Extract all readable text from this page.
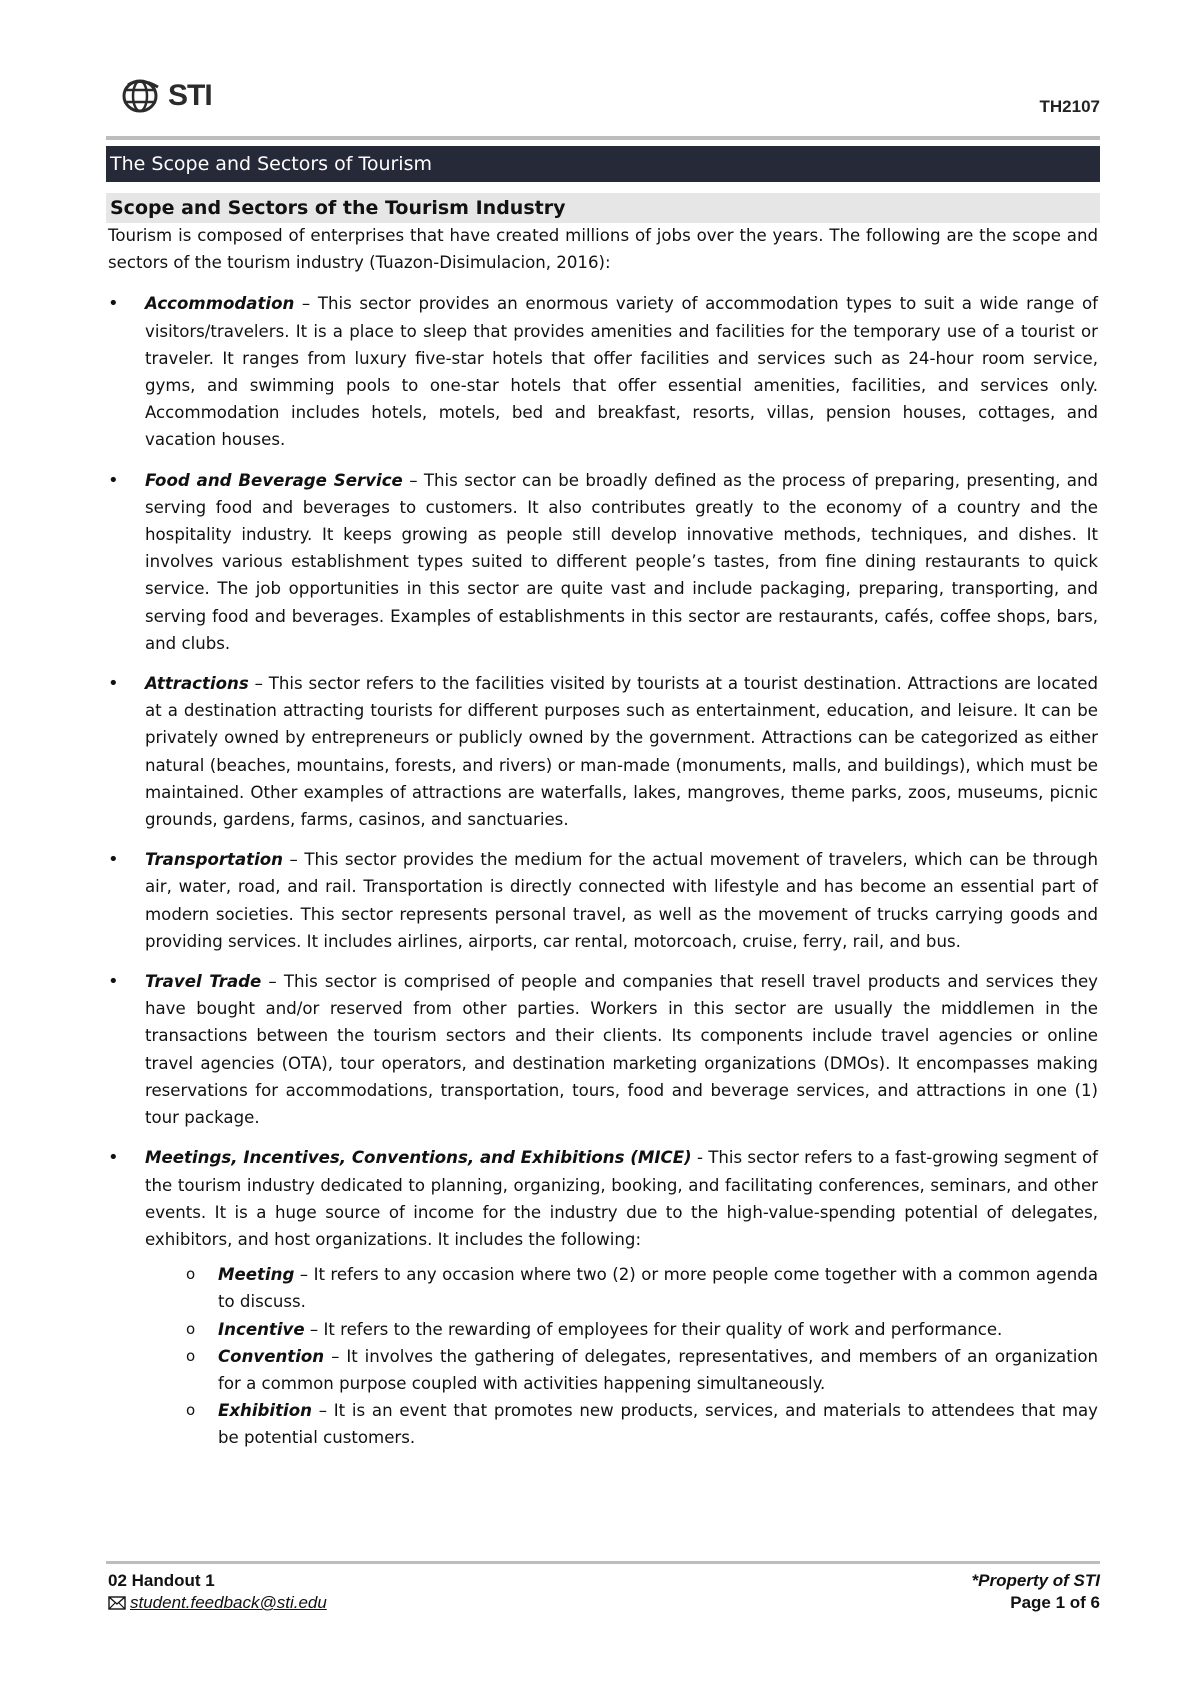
STI	TH2107
The Scope and Sectors of Tourism
Scope and Sectors of the Tourism Industry

Tourism is composed of enterprises that have created millions of jobs over the years. The following are the scope and sectors of the tourism industry (Tuazon-Disimulacion, 2016):

• Accommodation – This sector provides an enormous variety of accommodation types to suit a wide range of visitors/travelers. It is a place to sleep that provides amenities and facilities for the temporary use of a tourist or traveler. It ranges from luxury five-star hotels that offer facilities and services such as 24-hour room service, gyms, and swimming pools to one-star hotels that offer essential amenities, facilities, and services only. Accommodation includes hotels, motels, bed and breakfast, resorts, villas, pension houses, cottages, and vacation houses.
• Food and Beverage Service – This sector can be broadly defined as the process of preparing, presenting, and serving food and beverages to customers. It also contributes greatly to the economy of a country and the hospitality industry. It keeps growing as people still develop innovative methods, techniques, and dishes. It involves various establishment types suited to different people’s tastes, from fine dining restaurants to quick service. The job opportunities in this sector are quite vast and include packaging, preparing, transporting, and serving food and beverages. Examples of establishments in this sector are restaurants, cafés, coffee shops, bars, and clubs.
• Attractions – This sector refers to the facilities visited by tourists at a tourist destination. Attractions are located at a destination attracting tourists for different purposes such as entertainment, education, and leisure. It can be privately owned by entrepreneurs or publicly owned by the government. Attractions can be categorized as either natural (beaches, mountains, forests, and rivers) or man-made (monuments, malls, and buildings), which must be maintained. Other examples of attractions are waterfalls, lakes, mangroves, theme parks, zoos, museums, picnic grounds, gardens, farms, casinos, and sanctuaries.
• Transportation – This sector provides the medium for the actual movement of travelers, which can be through air, water, road, and rail. Transportation is directly connected with lifestyle and has become an essential part of modern societies. This sector represents personal travel, as well as the movement of trucks carrying goods and providing services. It includes airlines, airports, car rental, motorcoach, cruise, ferry, rail, and bus.
• Travel Trade – This sector is comprised of people and companies that resell travel products and services they have bought and/or reserved from other parties. Workers in this sector are usually the middlemen in the transactions between the tourism sectors and their clients. Its components include travel agencies or online travel agencies (OTA), tour operators, and destination marketing organizations (DMOs). It encompasses making reservations for accommodations, transportation, tours, food and beverage services, and attractions in one (1) tour package.
• Meetings, Incentives, Conventions, and Exhibitions (MICE) - This sector refers to a fast-growing segment of the tourism industry dedicated to planning, organizing, booking, and facilitating conferences, seminars, and other events. It is a huge source of income for the industry due to the high-value-spending potential of delegates, exhibitors, and host organizations. It includes the following:
o Meeting – It refers to any occasion where two (2) or more people come together with a common agenda to discuss.
o Incentive – It refers to the rewarding of employees for their quality of work and performance.
o Convention – It involves the gathering of delegates, representatives, and members of an organization for a common purpose coupled with activities happening simultaneously.
o Exhibition – It is an event that promotes new products, services, and materials to attendees that may be potential customers.
02 Handout 1
student.feedback@sti.edu
*Property of STI
Page 1 of 6
